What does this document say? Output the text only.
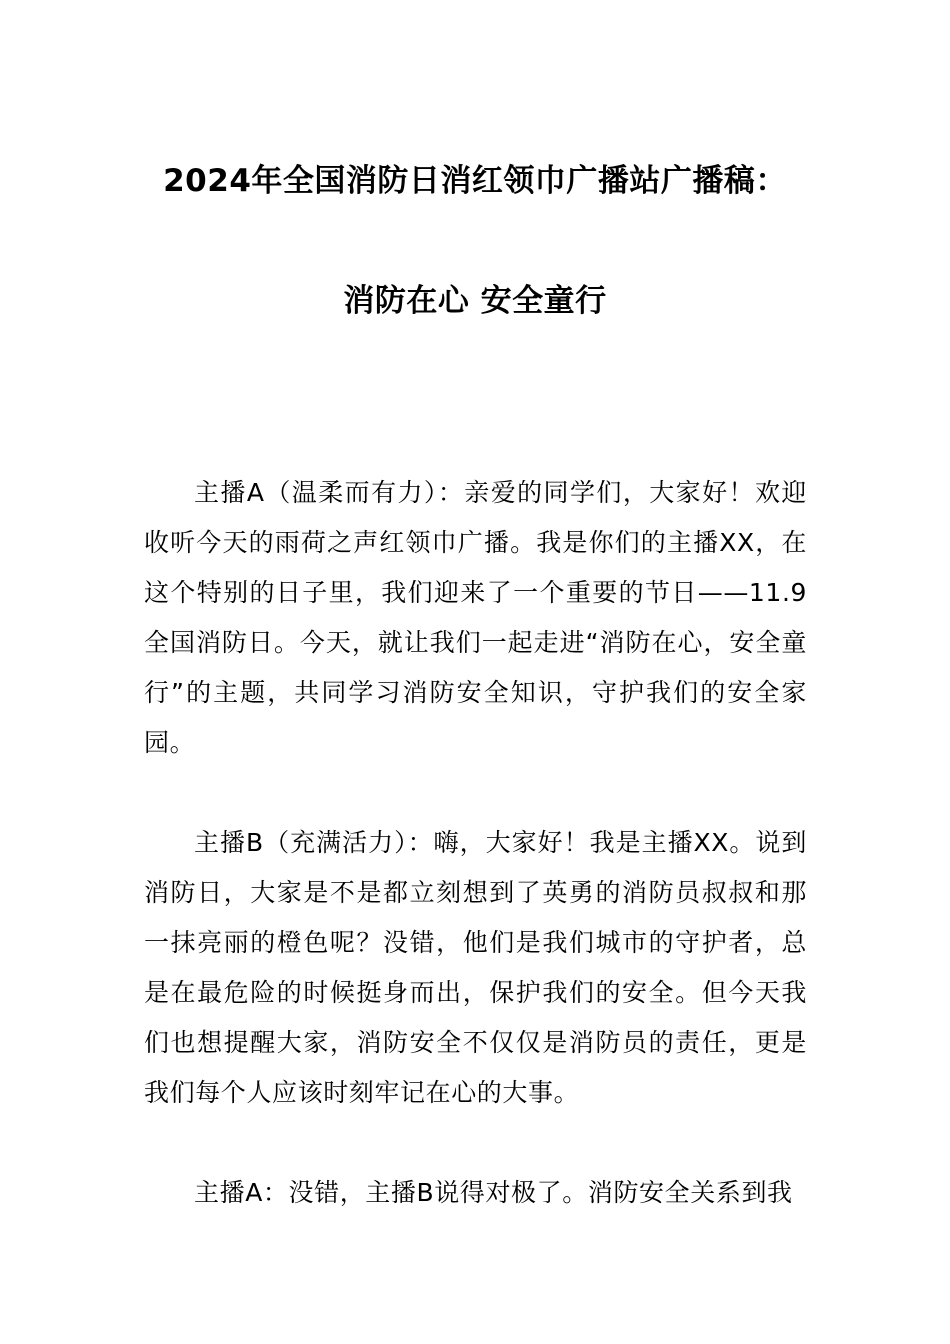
2024年全国消防日消红领巾广播站广播稿：
消防在心 安全童行

主播A（温柔而有力）：亲爱的同学们，大家好！欢迎收听今天的雨荷之声红领巾广播。我是你们的主播XX，在这个特别的日子里，我们迎来了一个重要的节日——11.9全国消防日。今天，就让我们一起走进“消防在心，安全童行”的主题，共同学习消防安全知识，守护我们的安全家园。

主播B（充满活力）：嗨，大家好！我是主播XX。说到消防日，大家是不是都立刻想到了英勇的消防员叔叔和那一抹亮丽的橙色呢？没错，他们是我们城市的守护者，总是在最危险的时候挺身而出，保护我们的安全。但今天我们也想提醒大家，消防安全不仅仅是消防员的责任，更是我们每个人应该时刻牢记在心的大事。

主播A：没错，主播B说得对极了。消防安全关系到我
